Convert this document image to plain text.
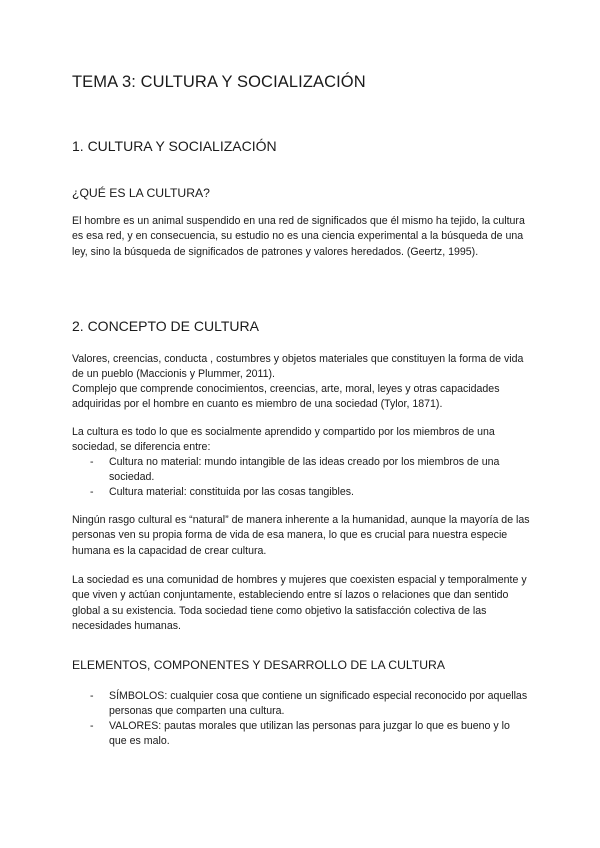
TEMA 3: CULTURA Y SOCIALIZACIÓN
1. CULTURA Y SOCIALIZACIÓN
¿QUÉ ES LA CULTURA?
El hombre es un animal suspendido en una red de significados que él mismo ha tejido, la cultura es esa red, y en consecuencia, su estudio no es una ciencia experimental a la búsqueda de una ley, sino la búsqueda de significados de patrones y valores heredados. (Geertz, 1995).
2. CONCEPTO DE CULTURA
Valores, creencias, conducta , costumbres y objetos materiales que constituyen la forma de vida de un pueblo (Maccionis y Plummer, 2011).
Complejo que comprende conocimientos, creencias, arte, moral, leyes y otras capacidades adquiridas por el hombre en cuanto es miembro de una sociedad (Tylor, 1871).
La cultura es todo lo que es socialmente aprendido y compartido por los miembros de una sociedad, se diferencia entre:
- Cultura no material: mundo intangible de las ideas creado por los miembros de una sociedad.
- Cultura material: constituida por las cosas tangibles.
Ningún rasgo cultural es “natural” de manera inherente a la humanidad, aunque la mayoría de las personas ven su propia forma de vida de esa manera, lo que es crucial para nuestra especie humana es la capacidad de crear cultura.
La sociedad es una comunidad de hombres y mujeres que coexisten espacial y temporalmente y que viven y actúan conjuntamente, estableciendo entre sí lazos o relaciones que dan sentido global a su existencia. Toda sociedad tiene como objetivo la satisfacción colectiva de las necesidades humanas.
ELEMENTOS, COMPONENTES Y DESARROLLO DE LA CULTURA
- SÍMBOLOS: cualquier cosa que contiene un significado especial reconocido por aquellas personas que comparten una cultura.
- VALORES: pautas morales que utilizan las personas para juzgar lo que es bueno y lo que es malo.
